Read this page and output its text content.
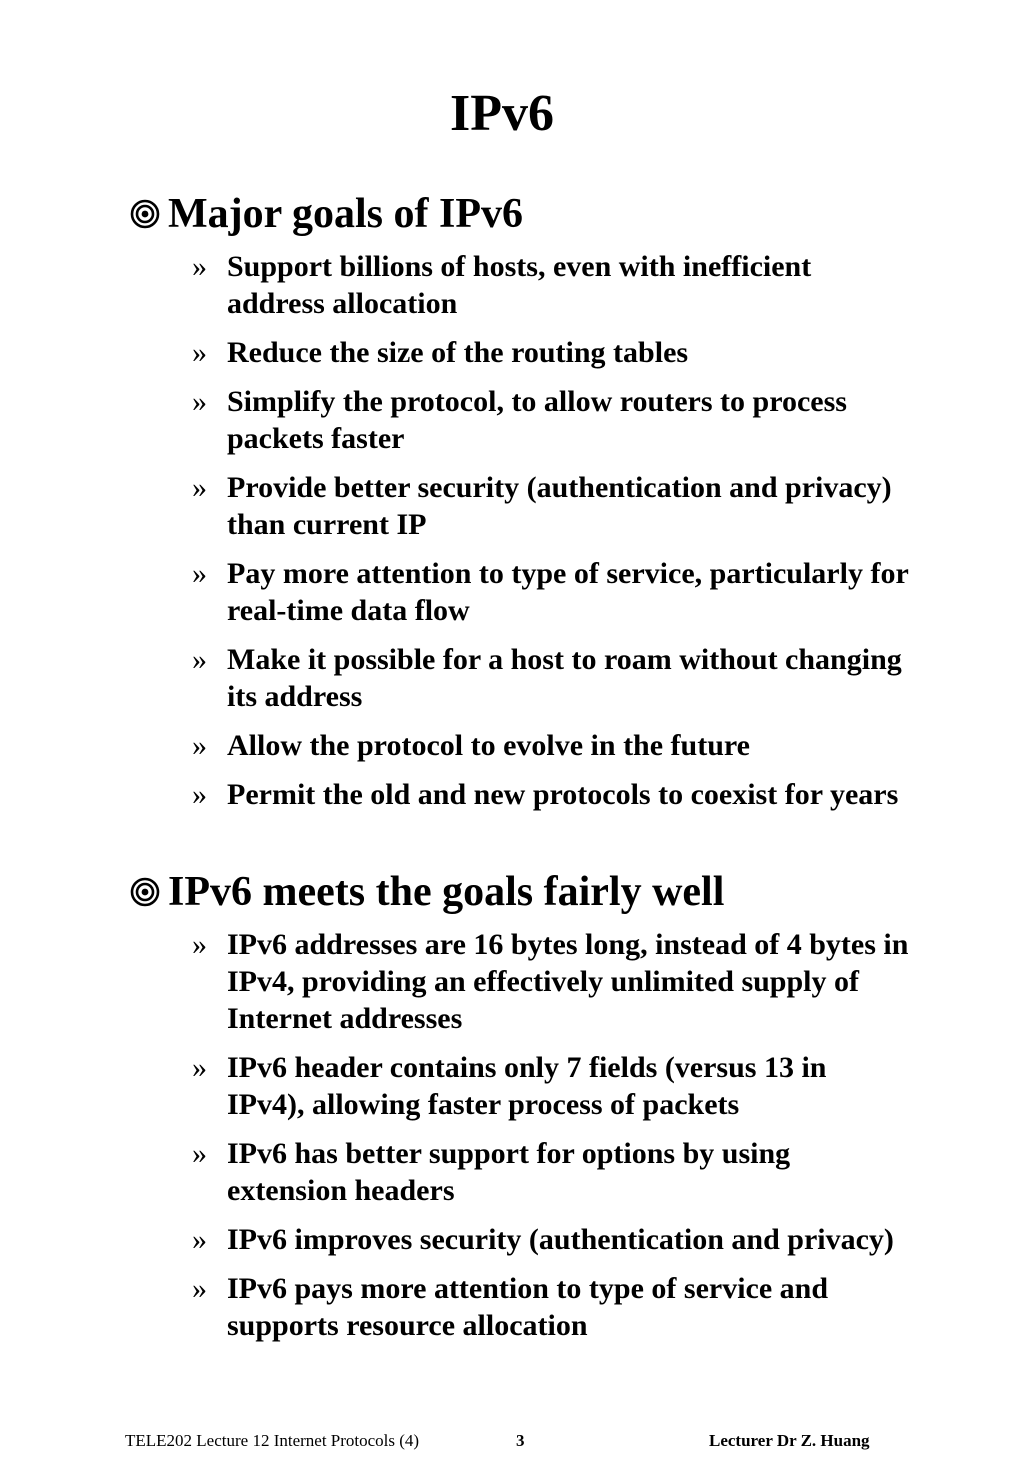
IPv6
Major goals of IPv6
» Support billions of hosts, even with inefficient address allocation
» Reduce the size of the routing tables
» Simplify the protocol, to allow routers to process packets faster
» Provide better security (authentication and privacy) than current IP
» Pay more attention to type of service, particularly for real-time data flow
» Make it possible for a host to roam without changing its address
» Allow the protocol to evolve in the future
» Permit the old and new protocols to coexist for years
IPv6 meets the goals fairly well
» IPv6 addresses are 16 bytes long, instead of 4 bytes in IPv4, providing an effectively unlimited supply of Internet addresses
» IPv6 header contains only 7 fields (versus 13 in IPv4), allowing faster process of packets
» IPv6 has better support for options by using extension headers
» IPv6 improves security (authentication and privacy)
» IPv6 pays more attention to type of service and supports resource allocation
TELE202 Lecture 12 Internet Protocols (4)	3	Lecturer Dr Z. Huang
